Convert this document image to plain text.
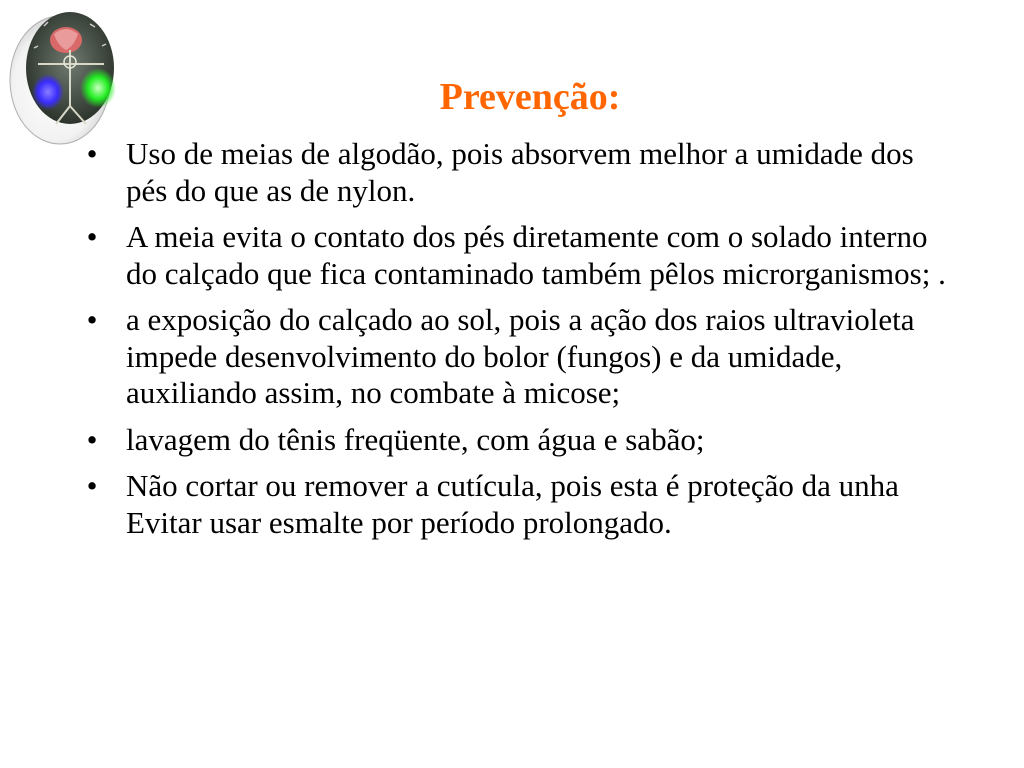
Prevenção:
• Uso de meias de algodão, pois absorvem melhor a umidade dos pés do que as de nylon.
• A meia evita o contato dos pés diretamente com o solado interno do calçado que fica contaminado também pêlos microrganismos; .
• a exposição do calçado ao sol, pois a ação dos raios ultravioleta impede desenvolvimento do bolor (fungos) e da umidade, auxiliando assim, no combate à micose;
• lavagem do tênis freqüente, com água e sabão;
• Não cortar ou remover a cutícula, pois esta é proteção da unha Evitar usar esmalte por período prolongado.
